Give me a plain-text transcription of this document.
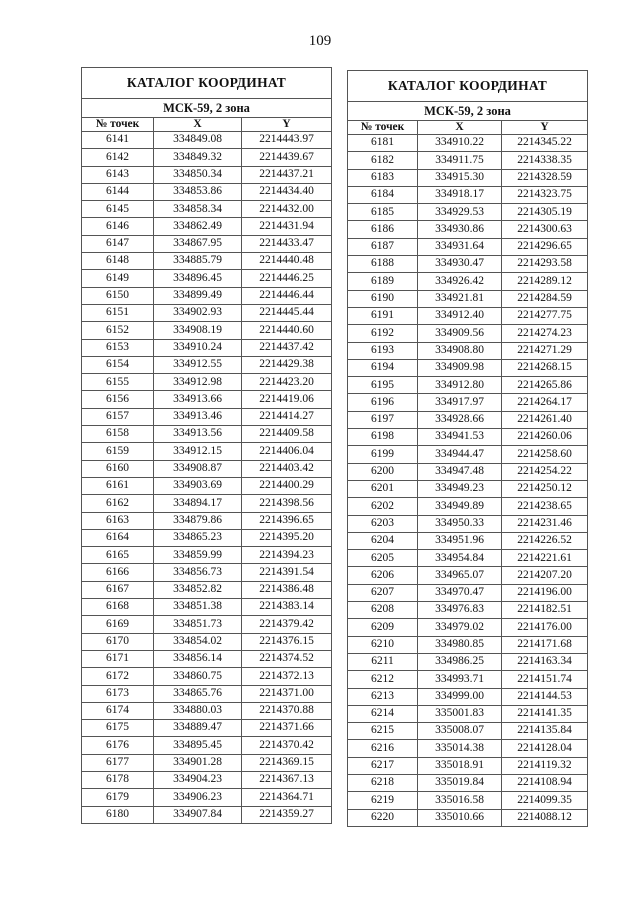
109
КАТАЛОГ КООРДИНАТ		
МСК-59, 2 зона		
№ точек	X	Y
6141	334849.08	2214443.97
6142	334849.32	2214439.67
6143	334850.34	2214437.21
6144	334853.86	2214434.40
6145	334858.34	2214432.00
6146	334862.49	2214431.94
6147	334867.95	2214433.47
6148	334885.79	2214440.48
6149	334896.45	2214446.25
6150	334899.49	2214446.44
6151	334902.93	2214445.44
6152	334908.19	2214440.60
6153	334910.24	2214437.42
6154	334912.55	2214429.38
6155	334912.98	2214423.20
6156	334913.66	2214419.06
6157	334913.46	2214414.27
6158	334913.56	2214409.58
6159	334912.15	2214406.04
6160	334908.87	2214403.42
6161	334903.69	2214400.29
6162	334894.17	2214398.56
6163	334879.86	2214396.65
6164	334865.23	2214395.20
6165	334859.99	2214394.23
6166	334856.73	2214391.54
6167	334852.82	2214386.48
6168	334851.38	2214383.14
6169	334851.73	2214379.42
6170	334854.02	2214376.15
6171	334856.14	2214374.52
6172	334860.75	2214372.13
6173	334865.76	2214371.00
6174	334880.03	2214370.88
6175	334889.47	2214371.66
6176	334895.45	2214370.42
6177	334901.28	2214369.15
6178	334904.23	2214367.13
6179	334906.23	2214364.71
6180	334907.84	2214359.27
КАТАЛОГ КООРДИНАТ		
МСК-59, 2 зона		
№ точек	X	Y
6181	334910.22	2214345.22
6182	334911.75	2214338.35
6183	334915.30	2214328.59
6184	334918.17	2214323.75
6185	334929.53	2214305.19
6186	334930.86	2214300.63
6187	334931.64	2214296.65
6188	334930.47	2214293.58
6189	334926.42	2214289.12
6190	334921.81	2214284.59
6191	334912.40	2214277.75
6192	334909.56	2214274.23
6193	334908.80	2214271.29
6194	334909.98	2214268.15
6195	334912.80	2214265.86
6196	334917.97	2214264.17
6197	334928.66	2214261.40
6198	334941.53	2214260.06
6199	334944.47	2214258.60
6200	334947.48	2214254.22
6201	334949.23	2214250.12
6202	334949.89	2214238.65
6203	334950.33	2214231.46
6204	334951.96	2214226.52
6205	334954.84	2214221.61
6206	334965.07	2214207.20
6207	334970.47	2214196.00
6208	334976.83	2214182.51
6209	334979.02	2214176.00
6210	334980.85	2214171.68
6211	334986.25	2214163.34
6212	334993.71	2214151.74
6213	334999.00	2214144.53
6214	335001.83	2214141.35
6215	335008.07	2214135.84
6216	335014.38	2214128.04
6217	335018.91	2214119.32
6218	335019.84	2214108.94
6219	335016.58	2214099.35
6220	335010.66	2214088.12
